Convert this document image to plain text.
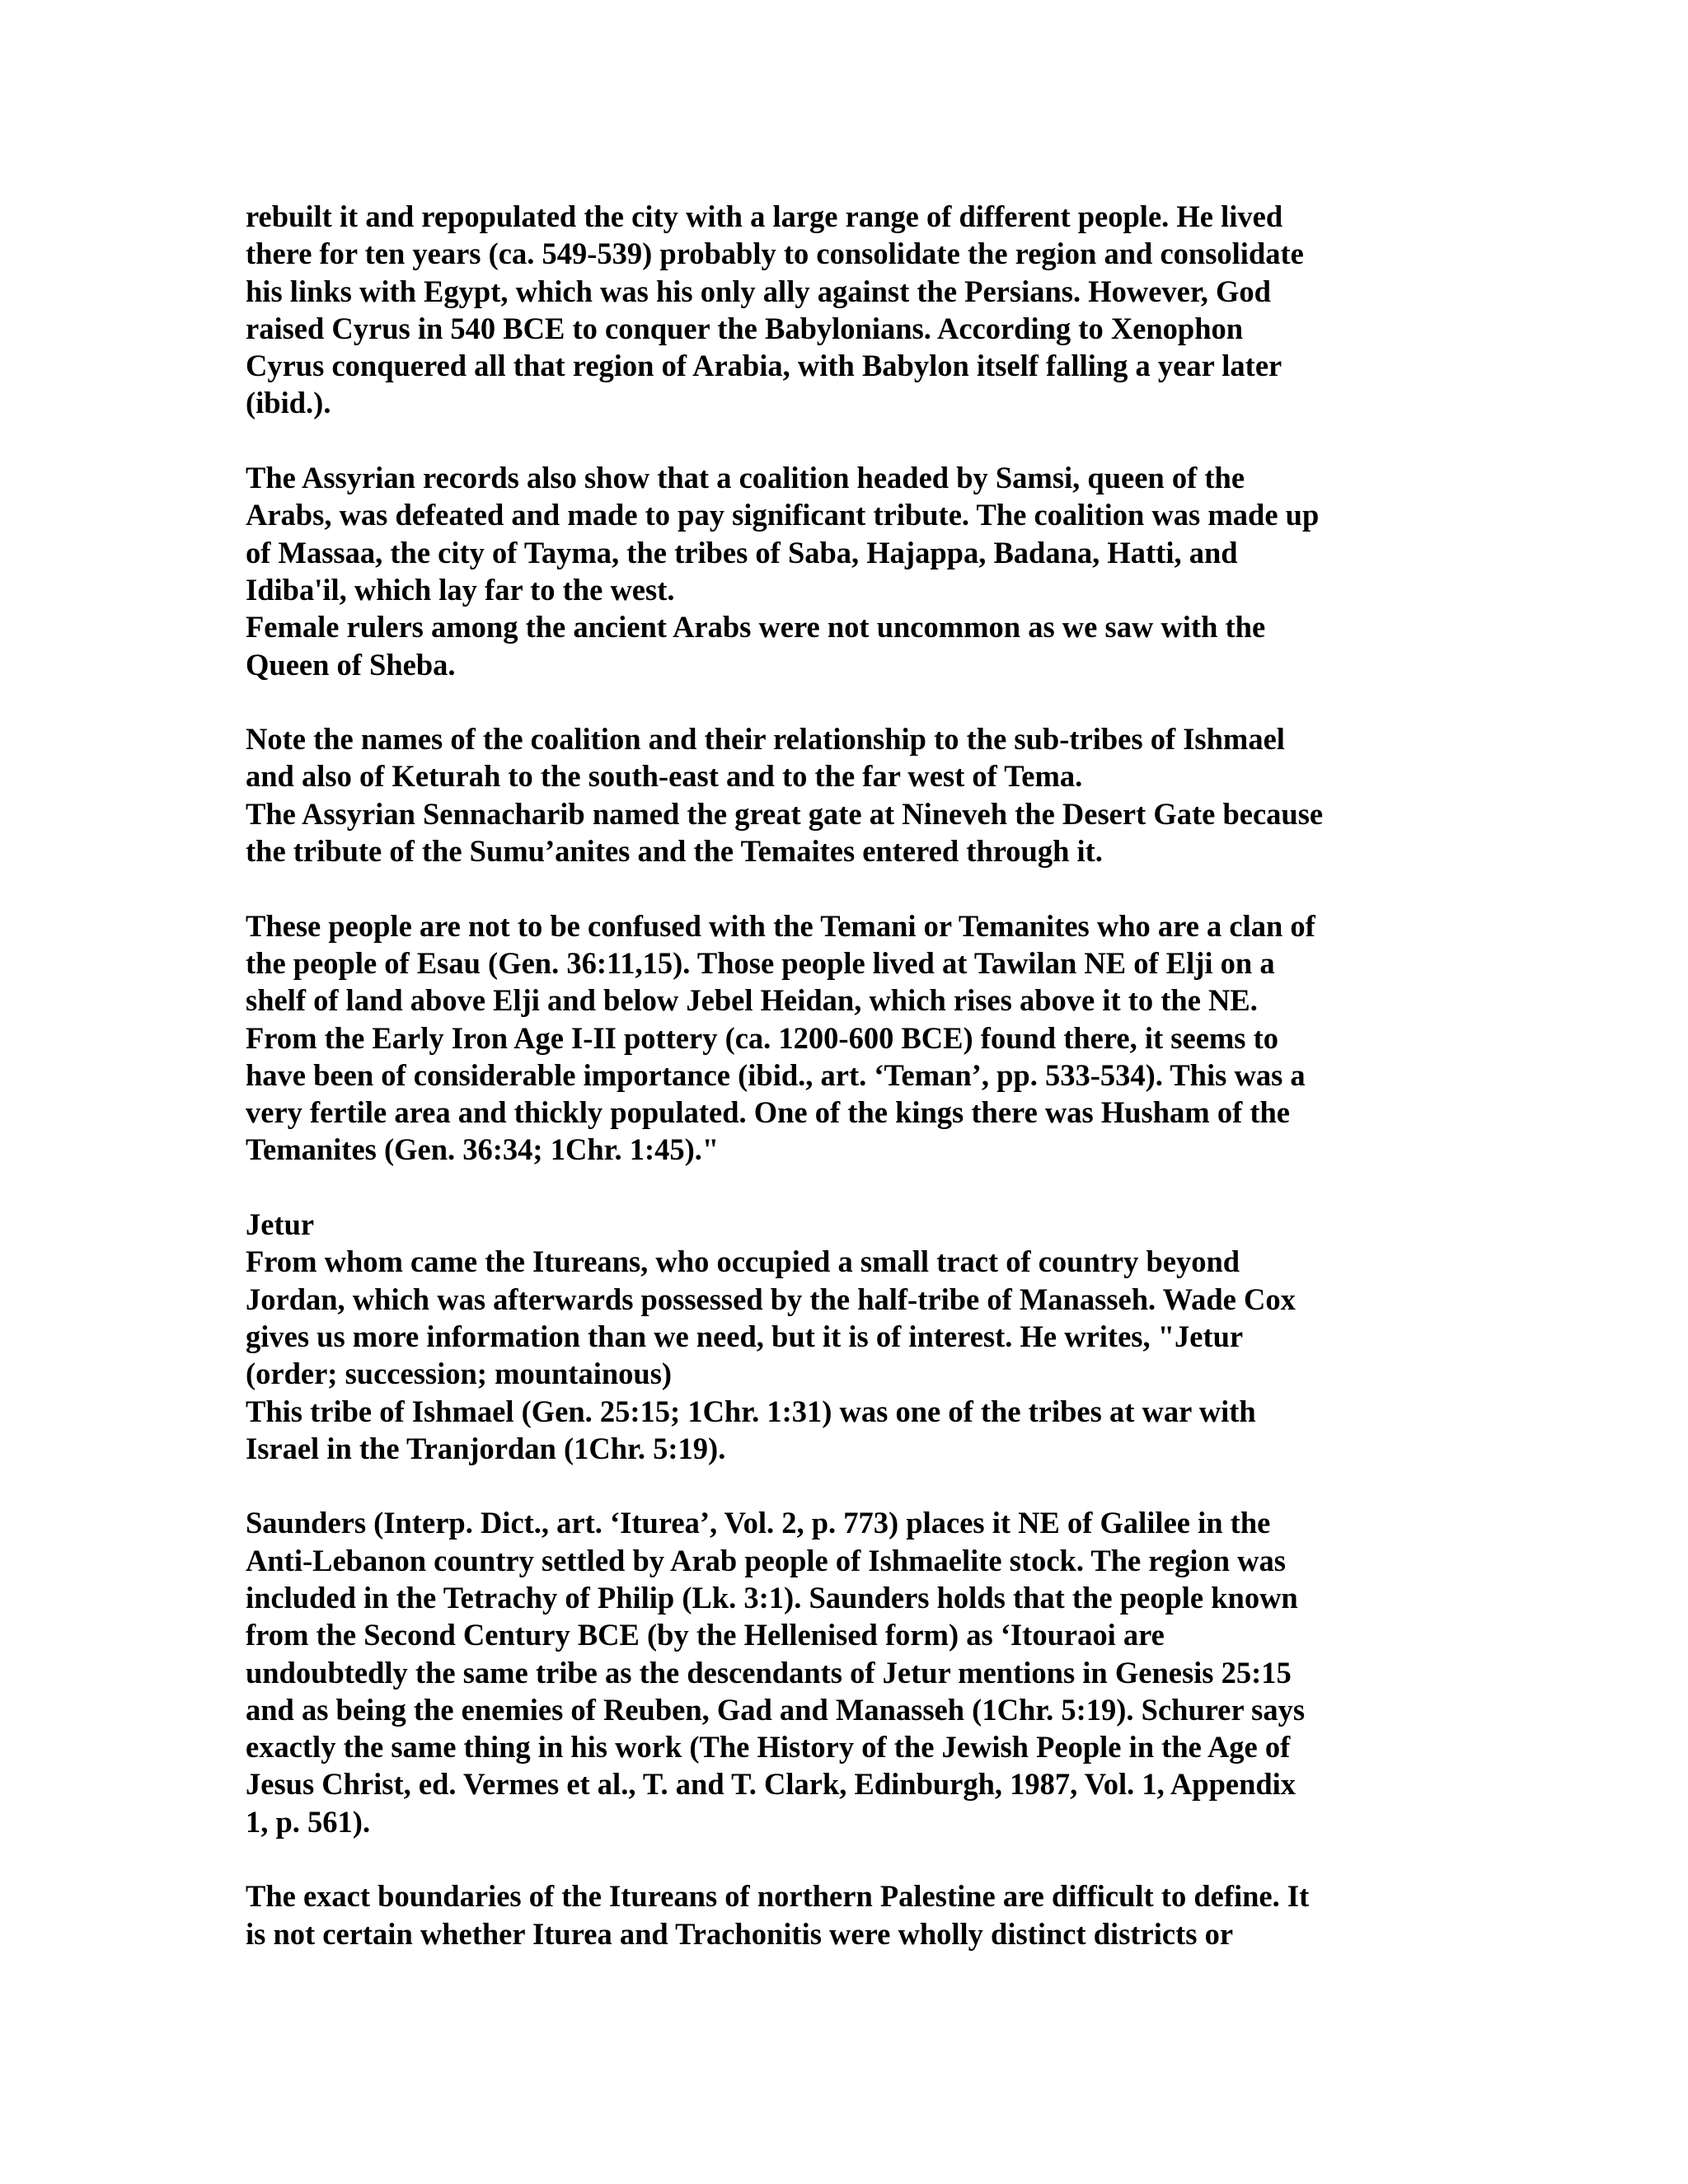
rebuilt it and repopulated the city with a large range of different people. He lived
there for ten years (ca. 549-539) probably to consolidate the region and consolidate
his links with Egypt, which was his only ally against the Persians. However, God
raised Cyrus in 540 BCE to conquer the Babylonians. According to Xenophon
Cyrus conquered all that region of Arabia, with Babylon itself falling a year later
(ibid.).
The Assyrian records also show that a coalition headed by Samsi, queen of the
Arabs, was defeated and made to pay significant tribute. The coalition was made up
of Massaa, the city of Tayma, the tribes of Saba, Hajappa, Badana, Hatti, and
Idiba'il, which lay far to the west.
Female rulers among the ancient Arabs were not uncommon as we saw with the
Queen of Sheba.
Note the names of the coalition and their relationship to the sub-tribes of Ishmael
and also of Keturah to the south-east and to the far west of Tema.
The Assyrian Sennacharib named the great gate at Nineveh the Desert Gate because
the tribute of the Sumu’anites and the Temaites entered through it.
These people are not to be confused with the Temani or Temanites who are a clan of
the people of Esau (Gen. 36:11,15). Those people lived at Tawilan NE of Elji on a
shelf of land above Elji and below Jebel Heidan, which rises above it to the NE.
From the Early Iron Age I-II pottery (ca. 1200-600 BCE) found there, it seems to
have been of considerable importance (ibid., art. ‘Teman’, pp. 533-534). This was a
very fertile area and thickly populated. One of the kings there was Husham of the
Temanites (Gen. 36:34; 1Chr. 1:45)."
Jetur
From whom came the Itureans, who occupied a small tract of country beyond
Jordan, which was afterwards possessed by the half-tribe of Manasseh. Wade Cox
gives us more information than we need, but it is of interest. He writes, "Jetur
(order; succession; mountainous)
This tribe of Ishmael (Gen. 25:15; 1Chr. 1:31) was one of the tribes at war with
Israel in the Tranjordan (1Chr. 5:19).
Saunders (Interp. Dict., art. ‘Iturea’, Vol. 2, p. 773) places it NE of Galilee in the
Anti-Lebanon country settled by Arab people of Ishmaelite stock. The region was
included in the Tetrachy of Philip (Lk. 3:1). Saunders holds that the people known
from the Second Century BCE (by the Hellenised form) as ‘Itouraoi are
undoubtedly the same tribe as the descendants of Jetur mentions in Genesis 25:15
and as being the enemies of Reuben, Gad and Manasseh (1Chr. 5:19). Schurer says
exactly the same thing in his work (The History of the Jewish People in the Age of
Jesus Christ, ed. Vermes et al., T. and T. Clark, Edinburgh, 1987, Vol. 1, Appendix
1, p. 561).
The exact boundaries of the Itureans of northern Palestine are difficult to define. It
is not certain whether Iturea and Trachonitis were wholly distinct districts or
